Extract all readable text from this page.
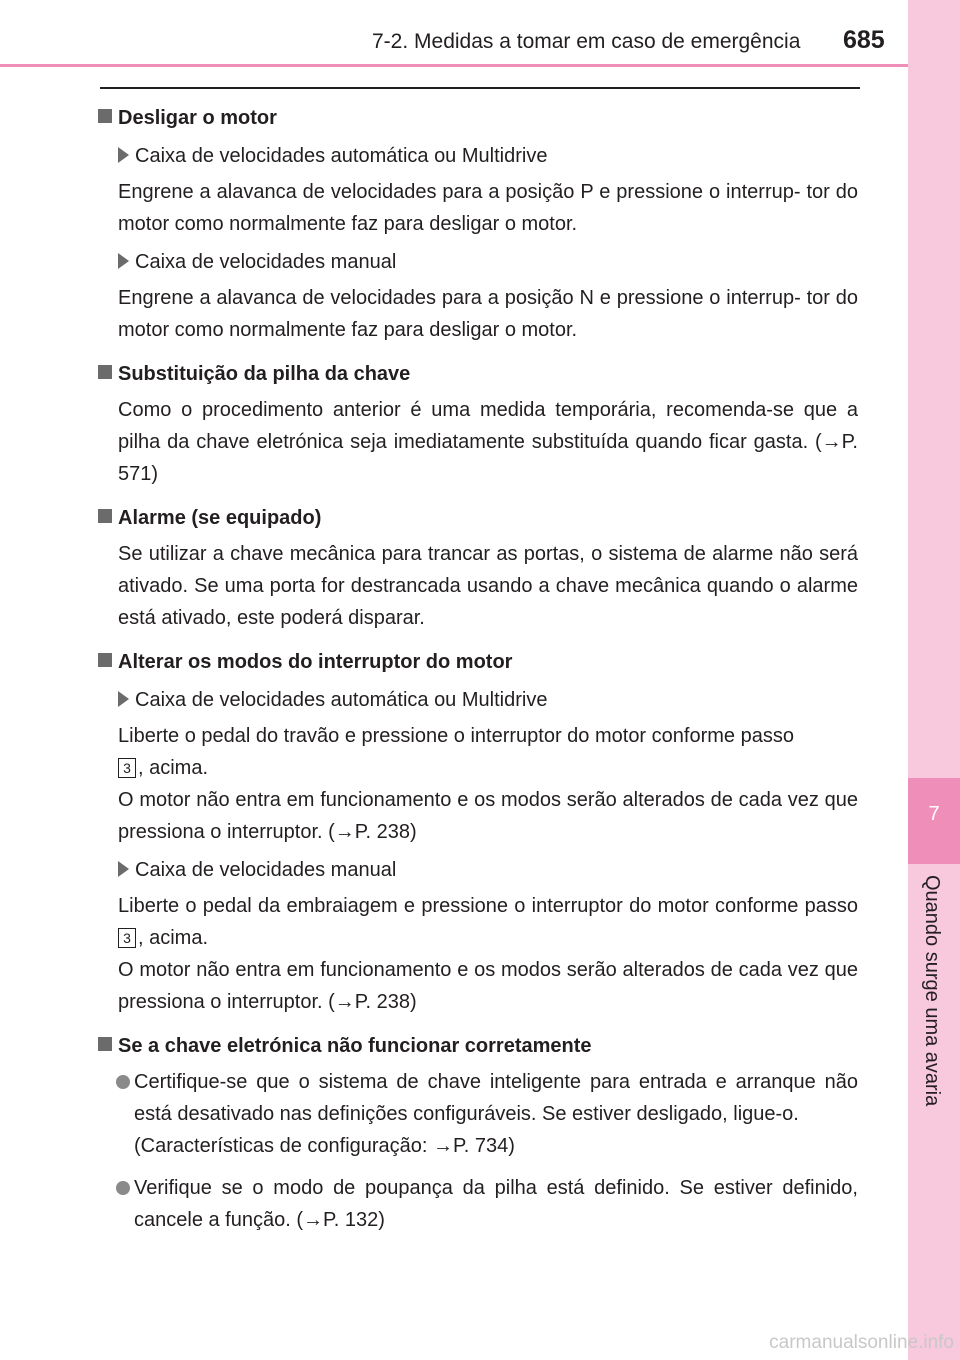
7
Quando surge uma avaria
7-2. Medidas a tomar em caso de emergência 685
Desligar o motor
Caixa de velocidades automática ou Multidrive

Engrene a alavanca de velocidades para a posição P e pressione o interrup- tor do motor como normalmente faz para desligar o motor.

Caixa de velocidades manual

Engrene a alavanca de velocidades para a posição N e pressione o interrup- tor do motor como normalmente faz para desligar o motor.

Substituição da pilha da chave

Como o procedimento anterior é uma medida temporária, recomenda-se que a pilha da chave eletrónica seja imediatamente substituída quando ficar gasta. (→P. 571)

Alarme (se equipado)

Se utilizar a chave mecânica para trancar as portas, o sistema de alarme não será ativado. Se uma porta for destrancada usando a chave mecânica quando o alarme está ativado, este poderá disparar.

Alterar os modos do interruptor do motor
Caixa de velocidades automática ou Multidrive

Liberte o pedal do travão e pressione o interruptor do motor conforme passo
3 , acima.

O motor não entra em funcionamento e os modos serão alterados de cada vez que pressiona o interruptor. (→P. 238)

Caixa de velocidades manual

Liberte o pedal da embraiagem e pressione o interruptor do motor conforme passo 3 , acima.

O motor não entra em funcionamento e os modos serão alterados de cada vez que pressiona o interruptor. (→P. 238)

Se a chave eletrónica não funcionar corretamente

Certifique-se que o sistema de chave inteligente para entrada e arranque não está desativado nas definições configuráveis. Se estiver desligado, ligue-o.

(Características de configuração: →P. 734)

Verifique se o modo de poupança da pilha está definido. Se estiver definido, cancele a função. (→P. 132)

carmanualsonline.info
